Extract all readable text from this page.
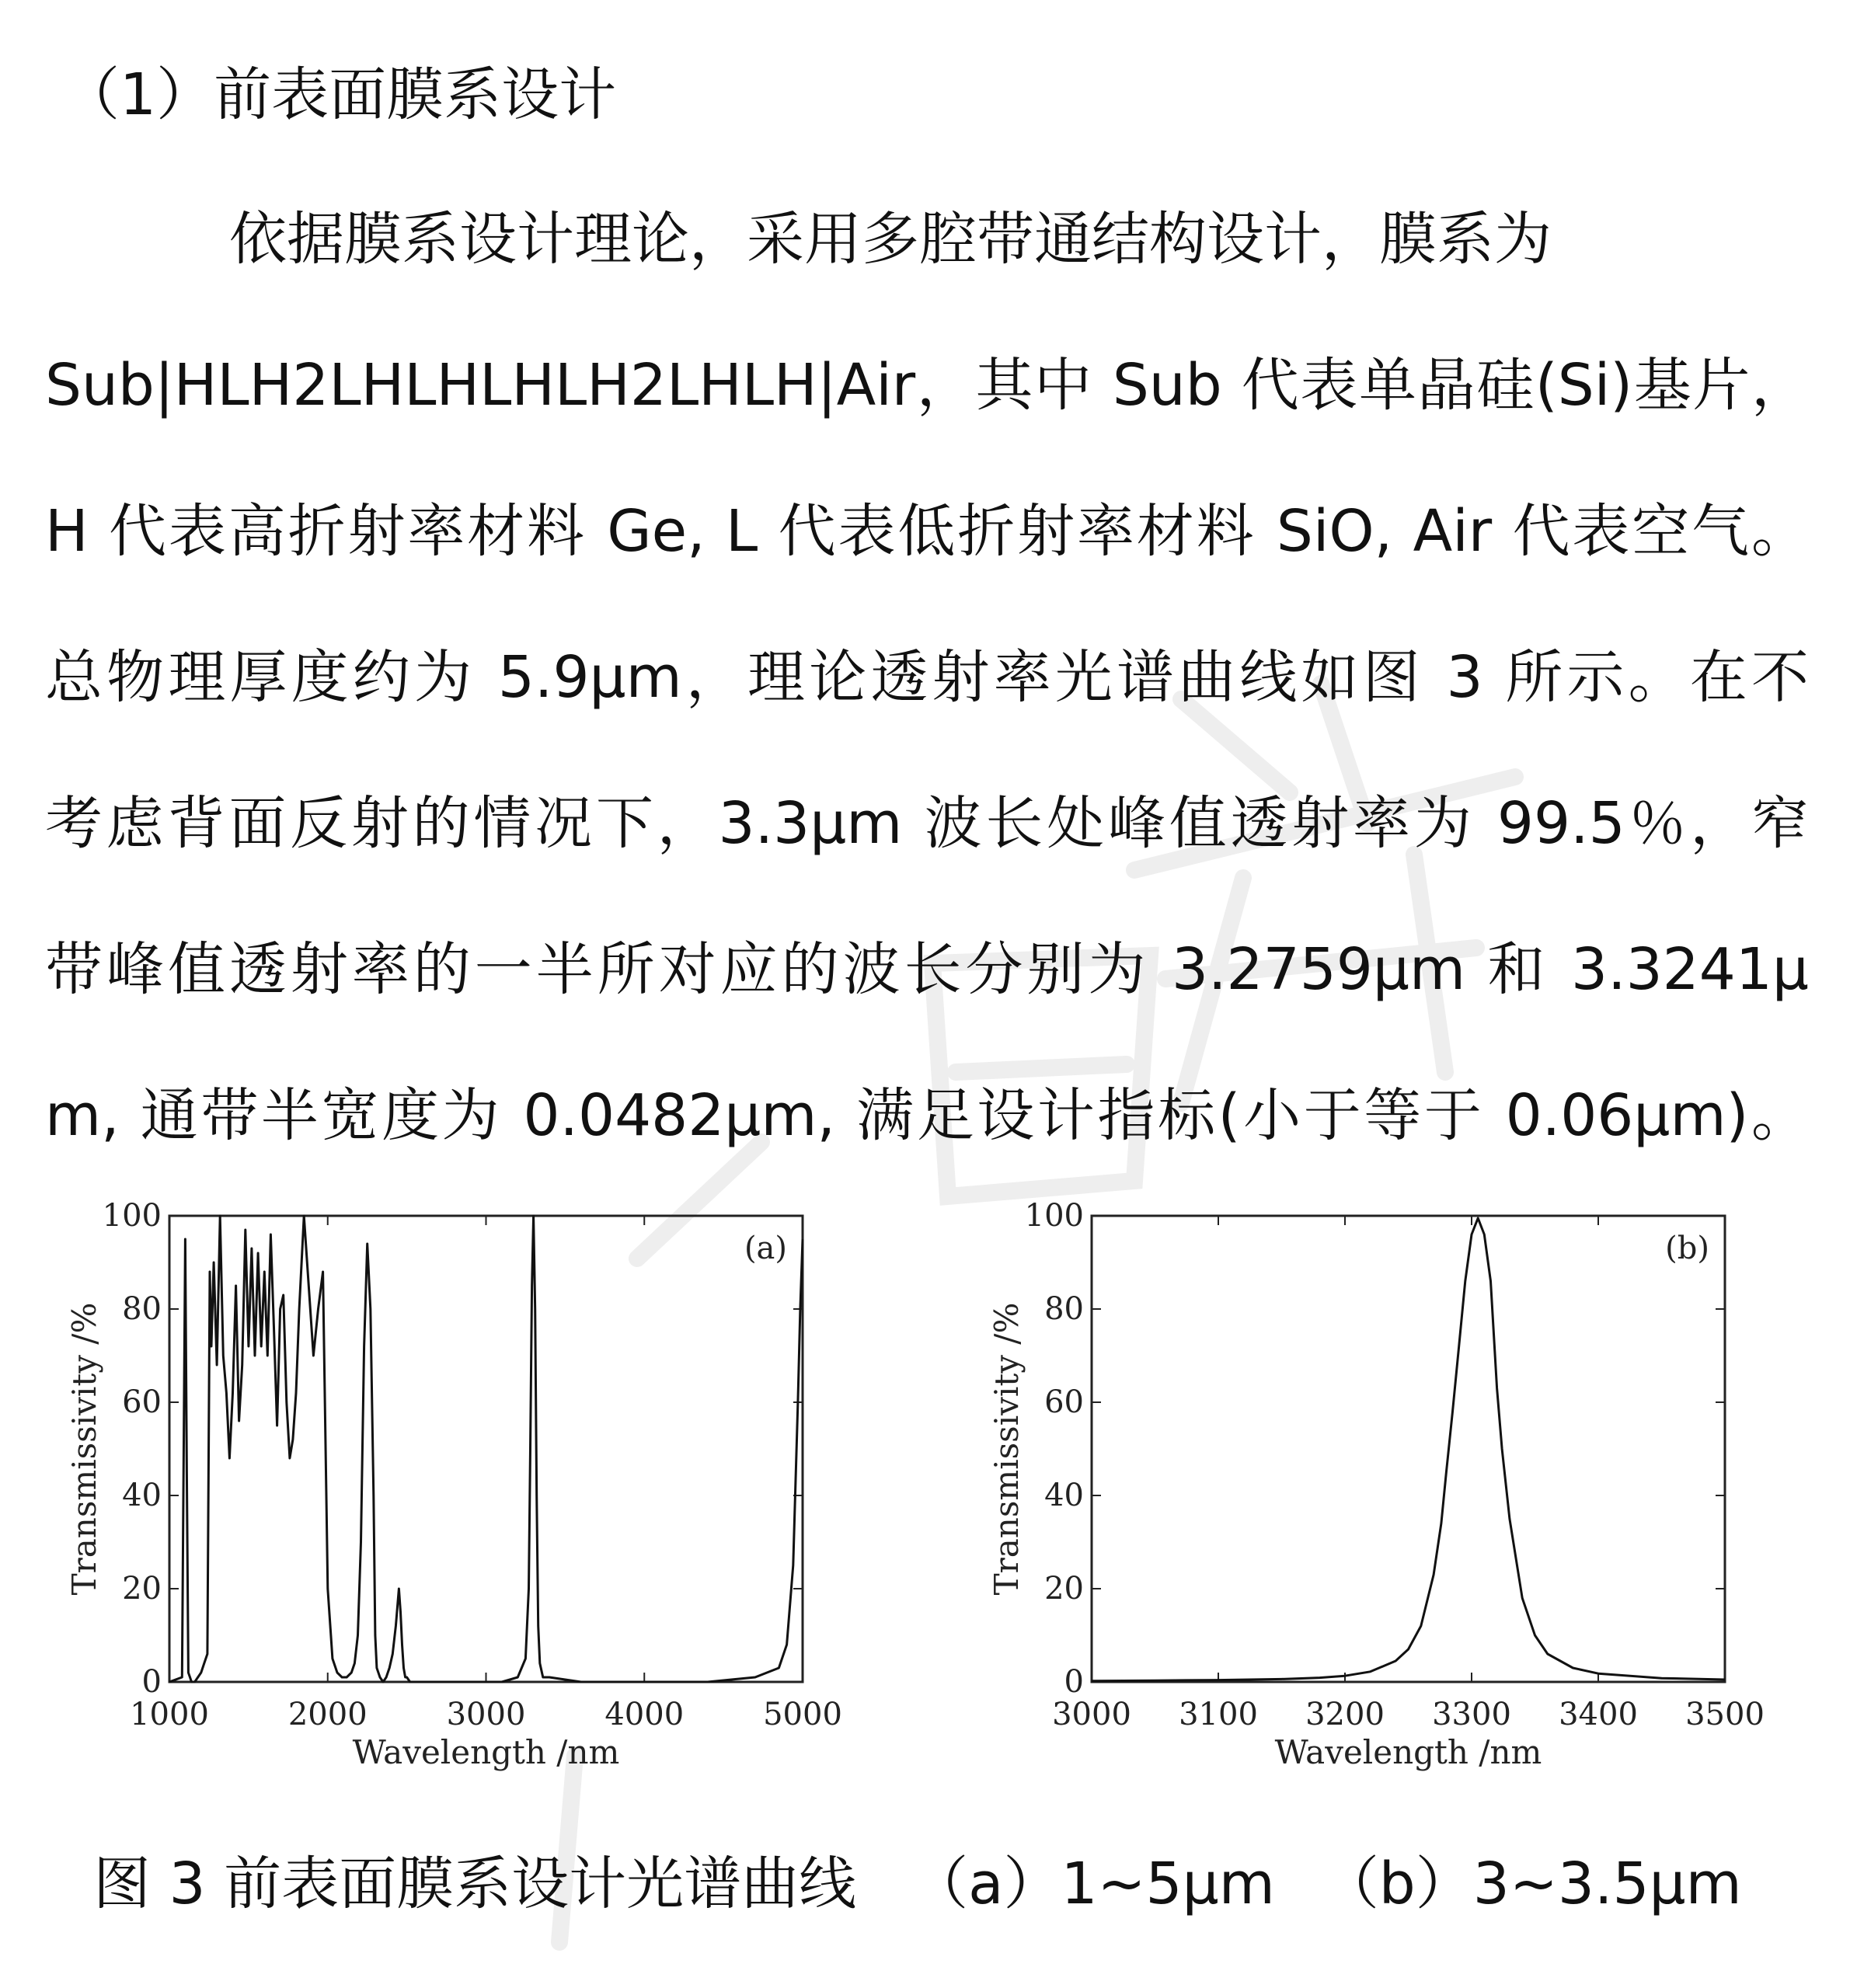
（1）前表面膜系设计
依据膜系设计理论，采用多腔带通结构设计，膜系为
Sub|HLH2LHLHLHLH2LHLH|Air，其中 Sub 代表单晶硅(Si)基片，
H 代表高折射率材料 Ge, L 代表低折射率材料 SiO, Air 代表空气。
总物理厚度约为 5.9μm，理论透射率光谱曲线如图 3 所示。在不
考虑背面反射的情况下，3.3μm 波长处峰值透射率为 99.5％，窄
带峰值透射率的一半所对应的波长分别为 3.2759μm 和 3.3241μ
m, 通带半宽度为 0.0482μm, 满足设计指标(小于等于 0.06μm)。
1000	2000	3000	4000	5000
0
20
40
60
80
100
Wavelength /nm
Transmissivity /%
(a)
3000 3100 3200 3300 3400 3500
0
20
40
60
80
100
Wavelength /nm
Transmissivity /%
(b)
图 3 前表面膜系设计光谱曲线 （a）1~5μm （b）3~3.5μm
